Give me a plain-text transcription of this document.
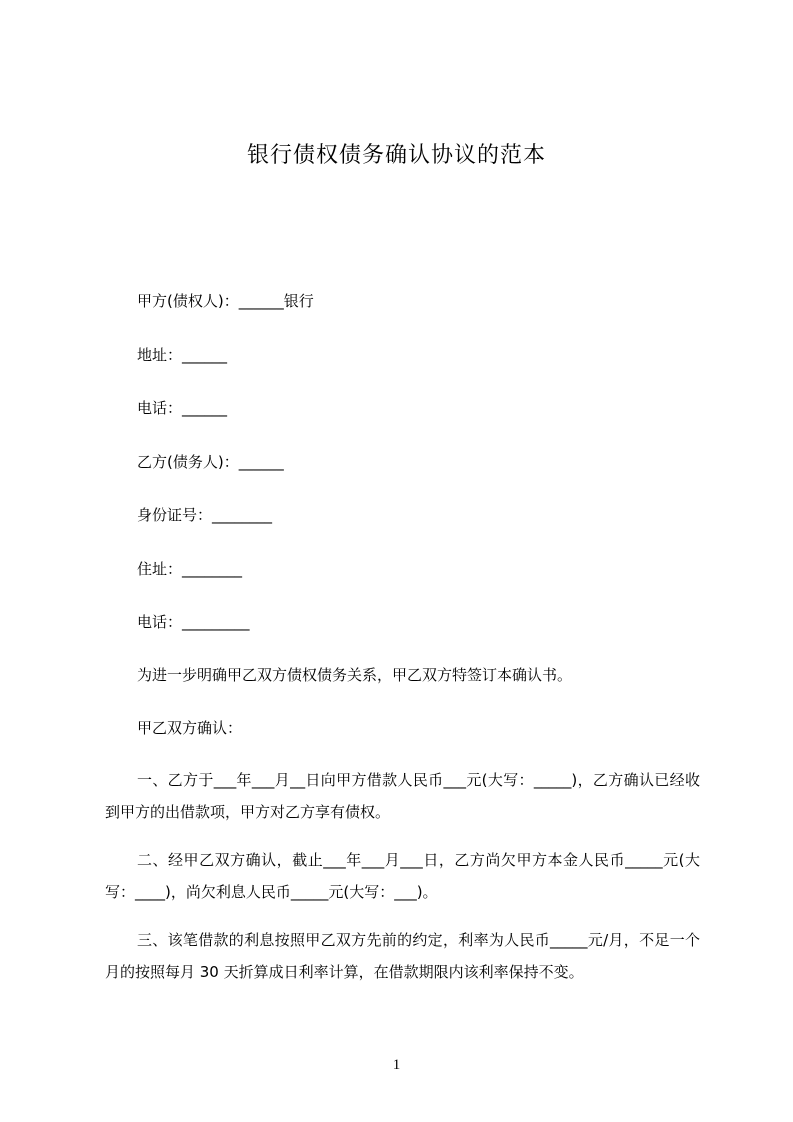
银行债权债务确认协议的范本
甲方(债权人)：______银行
地址：______
电话：______
乙方(债务人)：______
身份证号：________
住址：________
电话：_________
为进一步明确甲乙双方债权债务关系，甲乙双方特签订本确认书。
甲乙双方确认：
一、乙方于___年___月__日向甲方借款人民币___元(大写：_____)，乙方确认已经收到甲方的出借款项，甲方对乙方享有债权。
二、经甲乙双方确认，截止___年___月___日，乙方尚欠甲方本金人民币_____元(大写：____)，尚欠利息人民币_____元(大写：___)。
三、该笔借款的利息按照甲乙双方先前的约定，利率为人民币_____元/月，不足一个月的按照每月 30 天折算成日利率计算，在借款期限内该利率保持不变。
1
